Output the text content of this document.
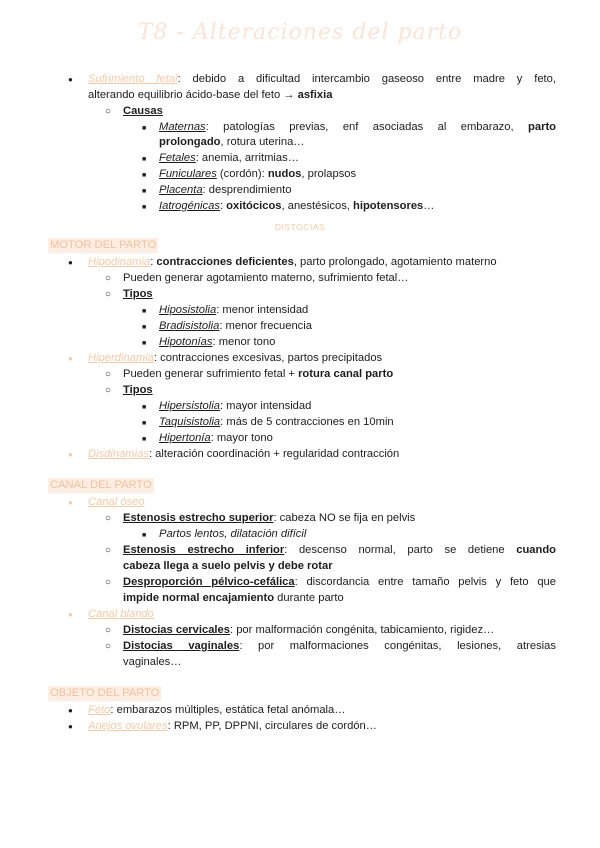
T8 - Alteraciones del parto
● Sufrimiento fetal: debido a dificultad intercambio gaseoso entre madre y feto,
alterando equilibrio ácido-base del feto → asfixia
○ Causas
■ Maternas: patologías previas, enf asociadas al embarazo, parto
prolongado, rotura uterina…
■ Fetales: anemia, arritmias…
■ Funiculares (cordón): nudos, prolapsos
■ Placenta: desprendimiento
■ Iatrogénicas: oxitócicos, anestésicos, hipotensores…
DISTOCIAS
MOTOR DEL PARTO
● Hipodinamia: contracciones deficientes, parto prolongado, agotamiento materno
○ Pueden generar agotamiento materno, sufrimiento fetal…
○ Tipos
■ Hiposistolia: menor intensidad
■ Bradisistolia: menor frecuencia
■ Hipotonías: menor tono
● Hiperdinamia: contracciones excesivas, partos precipitados
○ Pueden generar sufrimiento fetal + rotura canal parto
○ Tipos
■ Hipersistolia: mayor intensidad
■ Taquisistolia: más de 5 contracciones en 10min
■ Hipertonía: mayor tono
● Disdinamias: alteración coordinación + regularidad contracción
CANAL DEL PARTO
● Canal óseo
○ Estenosis estrecho superior: cabeza NO se fija en pelvis
■ Partos lentos, dilatación difícil
○ Estenosis estrecho inferior: descenso normal, parto se detiene cuando
cabeza llega a suelo pelvis y debe rotar
○ Desproporción pélvico-cefálica: discordancia entre tamaño pelvis y feto que
impide normal encajamiento durante parto
● Canal blando
○ Distocias cervicales: por malformación congénita, tabicamiento, rigidez…
○ Distocias vaginales: por malformaciones congénitas, lesiones, atresias
vaginales…
OBJETO DEL PARTO
● Feto: embarazos múltiples, estática fetal anómala…
● Anejos ovulares: RPM, PP, DPPNI, circulares de cordón…
